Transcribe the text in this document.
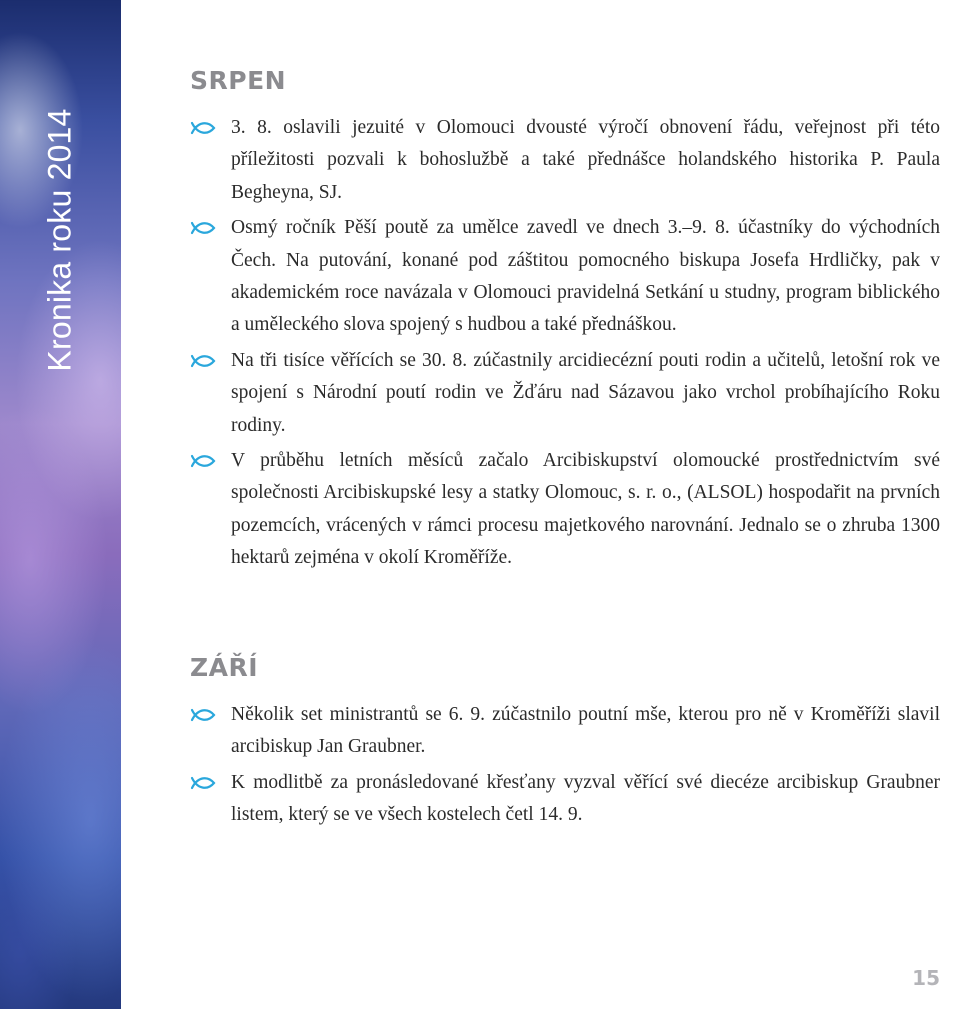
Kronika roku 2014
SRPEN
3. 8. oslavili jezuité v Olomouci dvousté výročí obnovení řádu, veřejnost při této příležitosti pozvali k bohoslužbě a také přednášce holandského historika P. Paula Begheyna, SJ.
Osmý ročník Pěší poutě za umělce zavedl ve dnech 3.–9. 8. účastníky do východních Čech. Na putování, konané pod záštitou pomocného biskupa Josefa Hrdličky, pak v akademickém roce navázala v Olomouci pravidelná Setkání u studny, program biblického a uměleckého slova spojený s hudbou a také přednáškou.
Na tři tisíce věřících se 30. 8. zúčastnily arcidiecézní pouti rodin a učitelů, letošní rok ve spojení s Národní poutí rodin ve Žďáru nad Sázavou jako vrchol probíhajícího Roku rodiny.
V průběhu letních měsíců začalo Arcibiskupství olomoucké prostřednictvím své společnosti Arcibiskupské lesy a statky Olomouc, s. r. o., (ALSOL) hospodařit na prvních pozemcích, vrácených v rámci procesu majetkového narovnání. Jednalo se o zhruba 1300 hektarů zejména v okolí Kroměříže.
ZÁŘÍ
Několik set ministrantů se 6. 9. zúčastnilo poutní mše, kterou pro ně v Kroměříži slavil arcibiskup Jan Graubner.
K modlitbě za pronásledované křesťany vyzval věřící své diecéze arcibiskup Graubner listem, který se ve všech kostelech četl 14. 9.
15
